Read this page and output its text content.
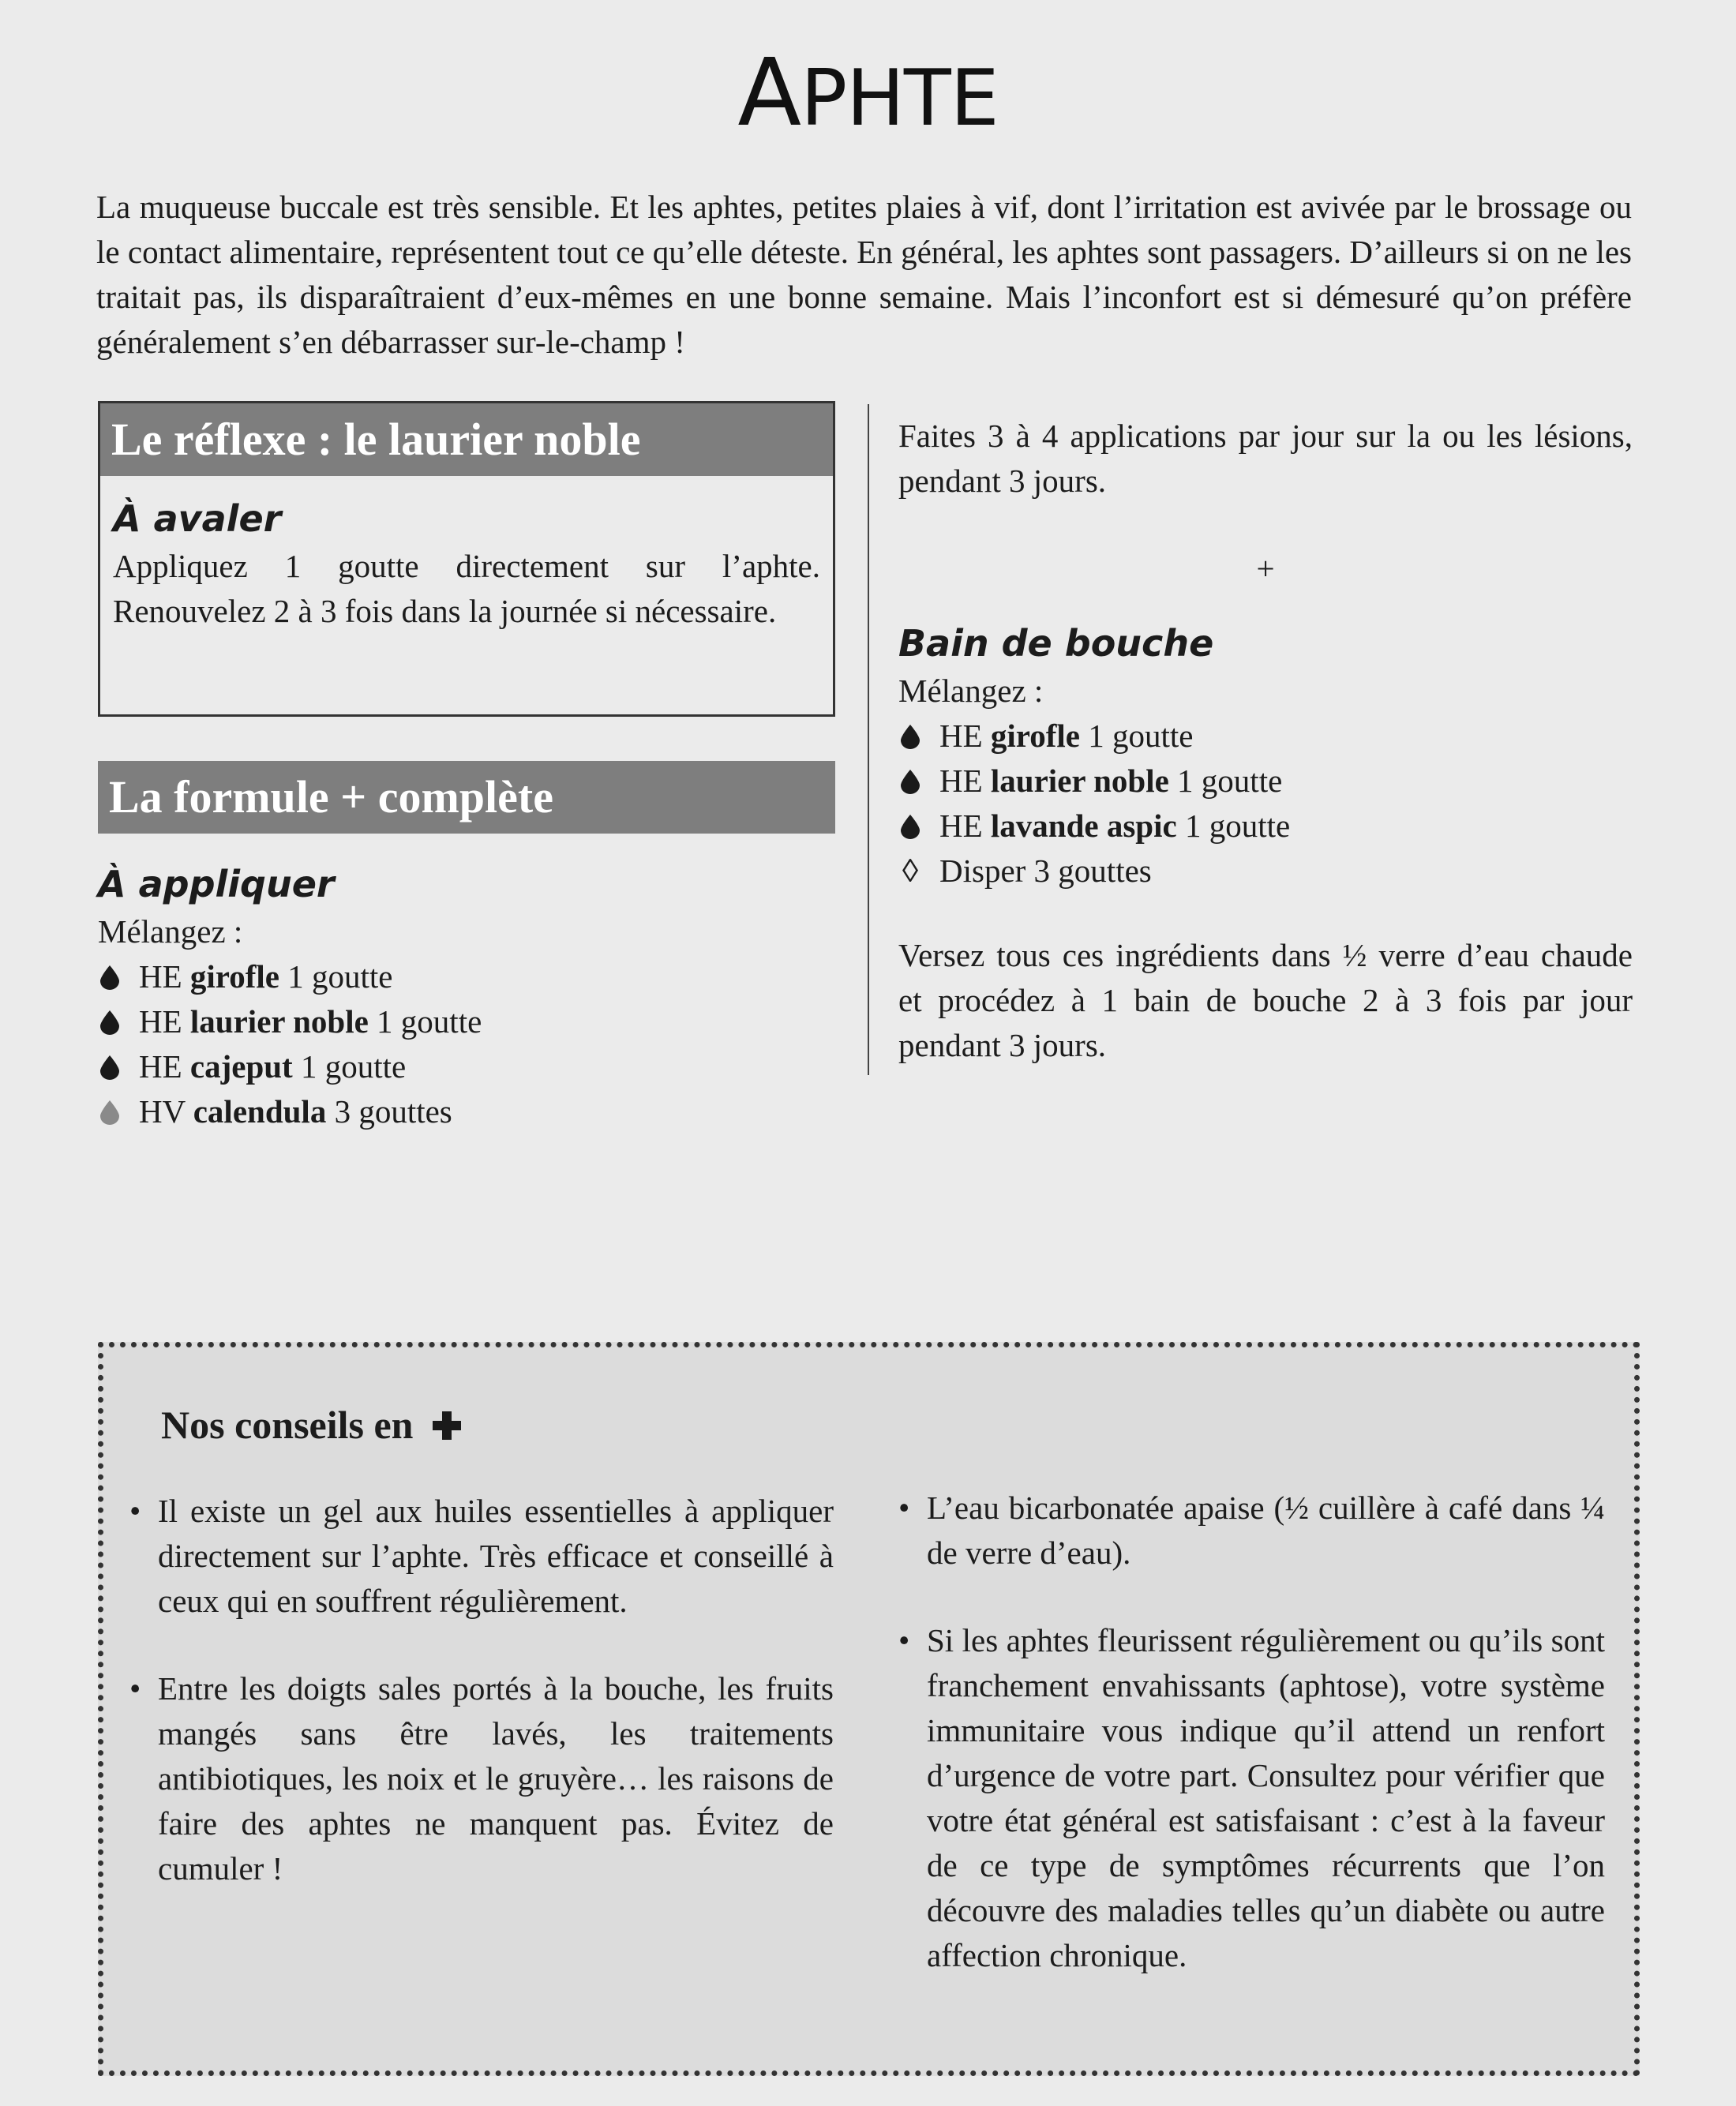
APHTE

La muqueuse buccale est très sensible. Et les aphtes, petites plaies à vif, dont l’irritation est avivée par le brossage ou le contact alimentaire, représentent tout ce qu’elle déteste. En général, les aphtes sont passagers. D’ailleurs si on ne les traitait pas, ils disparaîtraient d’eux-mêmes en une bonne semaine. Mais l’inconfort est si démesuré qu’on préfère généralement s’en débarrasser sur-le-champ !

Le réflexe : le laurier noble

À avaler

Appliquez 1 goutte directement sur l’aphte. Renouvelez 2 à 3 fois dans la journée si nécessaire.

La formule + complète

À appliquer

Mélangez :

HE girofle 1 goutte
HE laurier noble 1 goutte
HE cajeput 1 goutte
HV calendula 3 gouttes

Faites 3 à 4 applications par jour sur la ou les lésions, pendant 3 jours.

+

Bain de bouche

Mélangez :

HE girofle 1 goutte
HE laurier noble 1 goutte
HE lavande aspic 1 goutte
◊ Disper 3 gouttes

Versez tous ces ingrédients dans ½ verre d’eau chaude et procédez à 1 bain de bouche 2 à 3 fois par jour pendant 3 jours.

Nos conseils en
• Il existe un gel aux huiles essentielles à appliquer directement sur l’aphte. Très efficace et conseillé à ceux qui en souffrent régulièrement.
• Entre les doigts sales portés à la bouche, les fruits mangés sans être lavés, les traitements antibiotiques, les noix et le gruyère… les raisons de faire des aphtes ne manquent pas. Évitez de cumuler !
• L’eau bicarbonatée apaise (½ cuillère à café dans ¼ de verre d’eau).
• Si les aphtes fleurissent régulièrement ou qu’ils sont franchement envahissants (aphtose), votre système immunitaire vous indique qu’il attend un renfort d’urgence de votre part. Consultez pour vérifier que votre état général est satisfaisant : c’est à la faveur de ce type de symptômes récurrents que l’on découvre des maladies telles qu’un diabète ou autre affection chronique.
